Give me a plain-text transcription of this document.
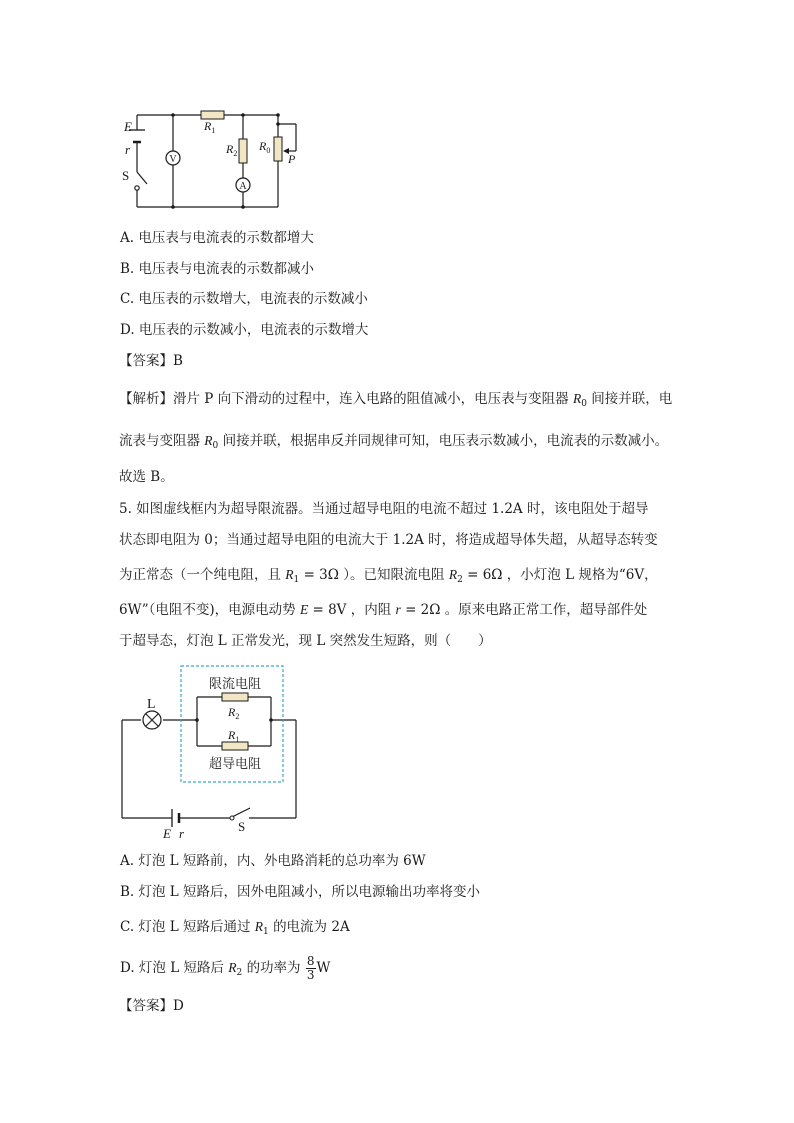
V
A
E
r
S
$R_1$
$R_2$
$R_0$
P
A. 电压表与电流表的示数都增大
B. 电压表与电流表的示数都减小
C. 电压表的示数增大，电流表的示数减小
D. 电压表的示数减小，电流表的示数增大
【答案】B
【解析】滑片 P 向下滑动的过程中，连入电路的阻值减小，电压表与变阻器 $R_0$ 间接并联，电
流表与变阻器 $R_0$ 间接并联，根据串反并同规律可知，电压表示数减小，电流表的示数减小。
故选 B。
5. 如图虚线框内为超导限流器。当通过超导电阻的电流不超过 1.2A 时，该电阻处于超导
状态即电阻为 0；当通过超导电阻的电流大于 1.2A 时，将造成超导体失超，从超导态转变
为正常态（一个纯电阻，且 $R_1 = 3\Omega$ ）。已知限流电阻 $R_2 = 6\Omega$ ，小灯泡 L 规格为“6V，
6W”（电阻不变)，电源电动势 E = 8V ，内阻 r = 2Ω 。原来电路正常工作，超导部件处
于超导态，灯泡 L 正常发光，现 L 突然发生短路，则（　　）
L
限流电阻
$R_2$
$R_1$
超导电阻
E r	S
A. 灯泡 L 短路前，内、外电路消耗的总功率为 6W
B. 灯泡 L 短路后，因外电阻减小，所以电源输出功率将变小
C. 灯泡 L 短路后通过 $R_1$ 的电流为 2A
D. 灯泡 L 短路后 $R_2$ 的功率为 $\frac{8}{3}$ W
【答案】D
